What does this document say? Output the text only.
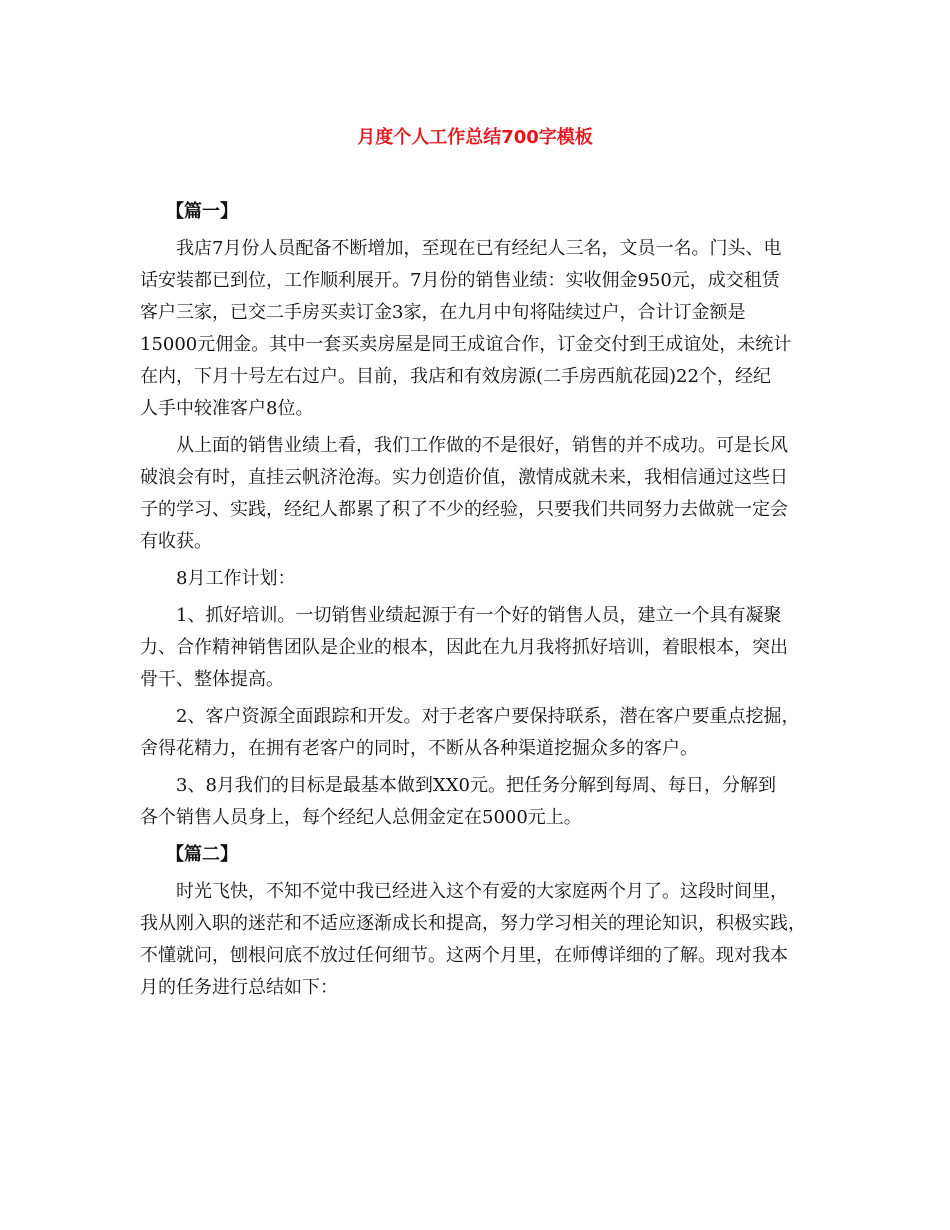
月度个人工作总结700字模板
【篇一】
我店7月份人员配备不断增加，至现在已有经纪人三名，文员一名。门头、电
话安装都已到位，工作顺利展开。7月份的销售业绩：实收佣金950元，成交租赁
客户三家，已交二手房买卖订金3家，在九月中旬将陆续过户，合计订金额是
15000元佣金。其中一套买卖房屋是同王成谊合作，订金交付到王成谊处，未统计
在内，下月十号左右过户。目前，我店和有效房源(二手房西航花园)22个，经纪
人手中较准客户8位。
从上面的销售业绩上看，我们工作做的不是很好，销售的并不成功。可是长风
破浪会有时，直挂云帆济沧海。实力创造价值，激情成就未来，我相信通过这些日
子的学习、实践，经纪人都累了积了不少的经验，只要我们共同努力去做就一定会
有收获。
8月工作计划：
1、抓好培训。一切销售业绩起源于有一个好的销售人员，建立一个具有凝聚
力、合作精神销售团队是企业的根本，因此在九月我将抓好培训，着眼根本，突出
骨干、整体提高。
2、客户资源全面跟踪和开发。对于老客户要保持联系，潜在客户要重点挖掘，
舍得花精力，在拥有老客户的同时，不断从各种渠道挖掘众多的客户。
3、8月我们的目标是最基本做到XX0元。把任务分解到每周、每日，分解到
各个销售人员身上，每个经纪人总佣金定在5000元上。
【篇二】
时光飞快，不知不觉中我已经进入这个有爱的大家庭两个月了。这段时间里，
我从刚入职的迷茫和不适应逐渐成长和提高，努力学习相关的理论知识，积极实践，
不懂就问，刨根问底不放过任何细节。这两个月里，在师傅详细的了解。现对我本
月的任务进行总结如下：
